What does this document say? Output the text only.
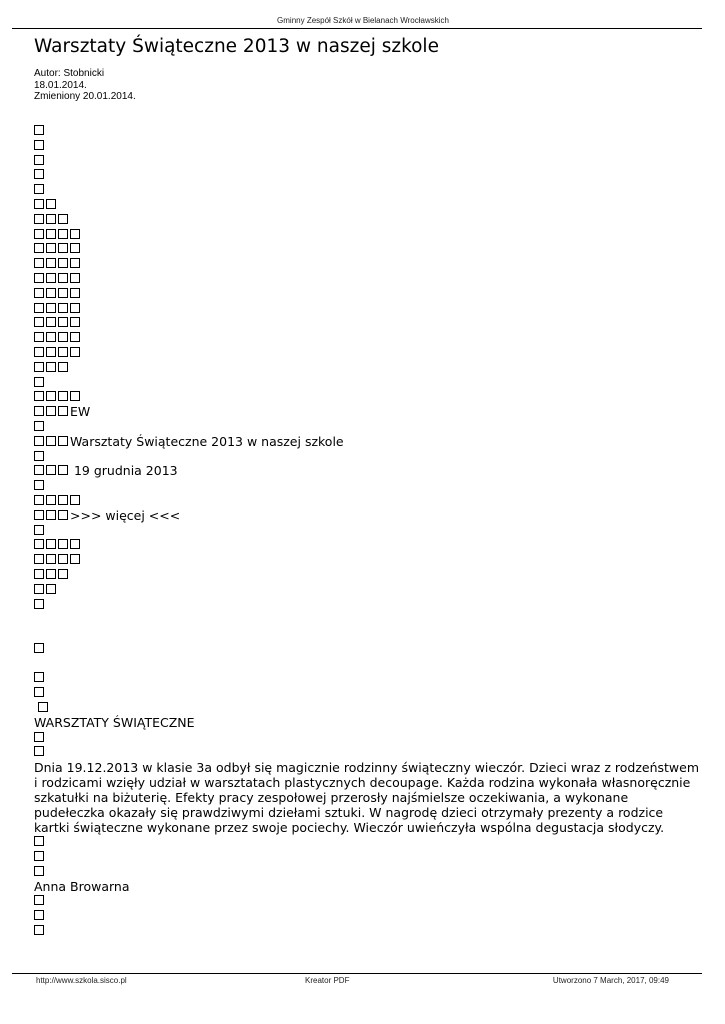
Gminny Zespół Szkół w Bielanach Wrocławskich
Warsztaty Świąteczne 2013 w naszej szkole
Autor: Stobnicki
18.01.2014.
Zmieniony 20.01.2014.
EW
Warsztaty Świąteczne 2013 w naszej szkole
19 grudnia 2013
>>> więcej <<<
WARSZTATY ŚWIĄTECZNE
Dnia 19.12.2013 w klasie 3a odbył się magicznie rodzinny świąteczny wieczór. Dzieci wraz z rodzeństwem i rodzicami wzięły udział w warsztatach plastycznych decoupage. Każda rodzina wykonała własnoręcznie szkatułki na biżuterię. Efekty pracy zespołowej przerosły najśmielsze oczekiwania, a wykonane pudełeczka okazały się prawdziwymi dziełami sztuki. W nagrodę dzieci otrzymały prezenty a rodzice kartki świąteczne wykonane przez swoje pociechy. Wieczór uwieńczyła wspólna degustacja słodyczy.
Anna Browarna
http://www.szkola.sisco.pl	Kreator PDF	Utworzono 7 March, 2017, 09:49
